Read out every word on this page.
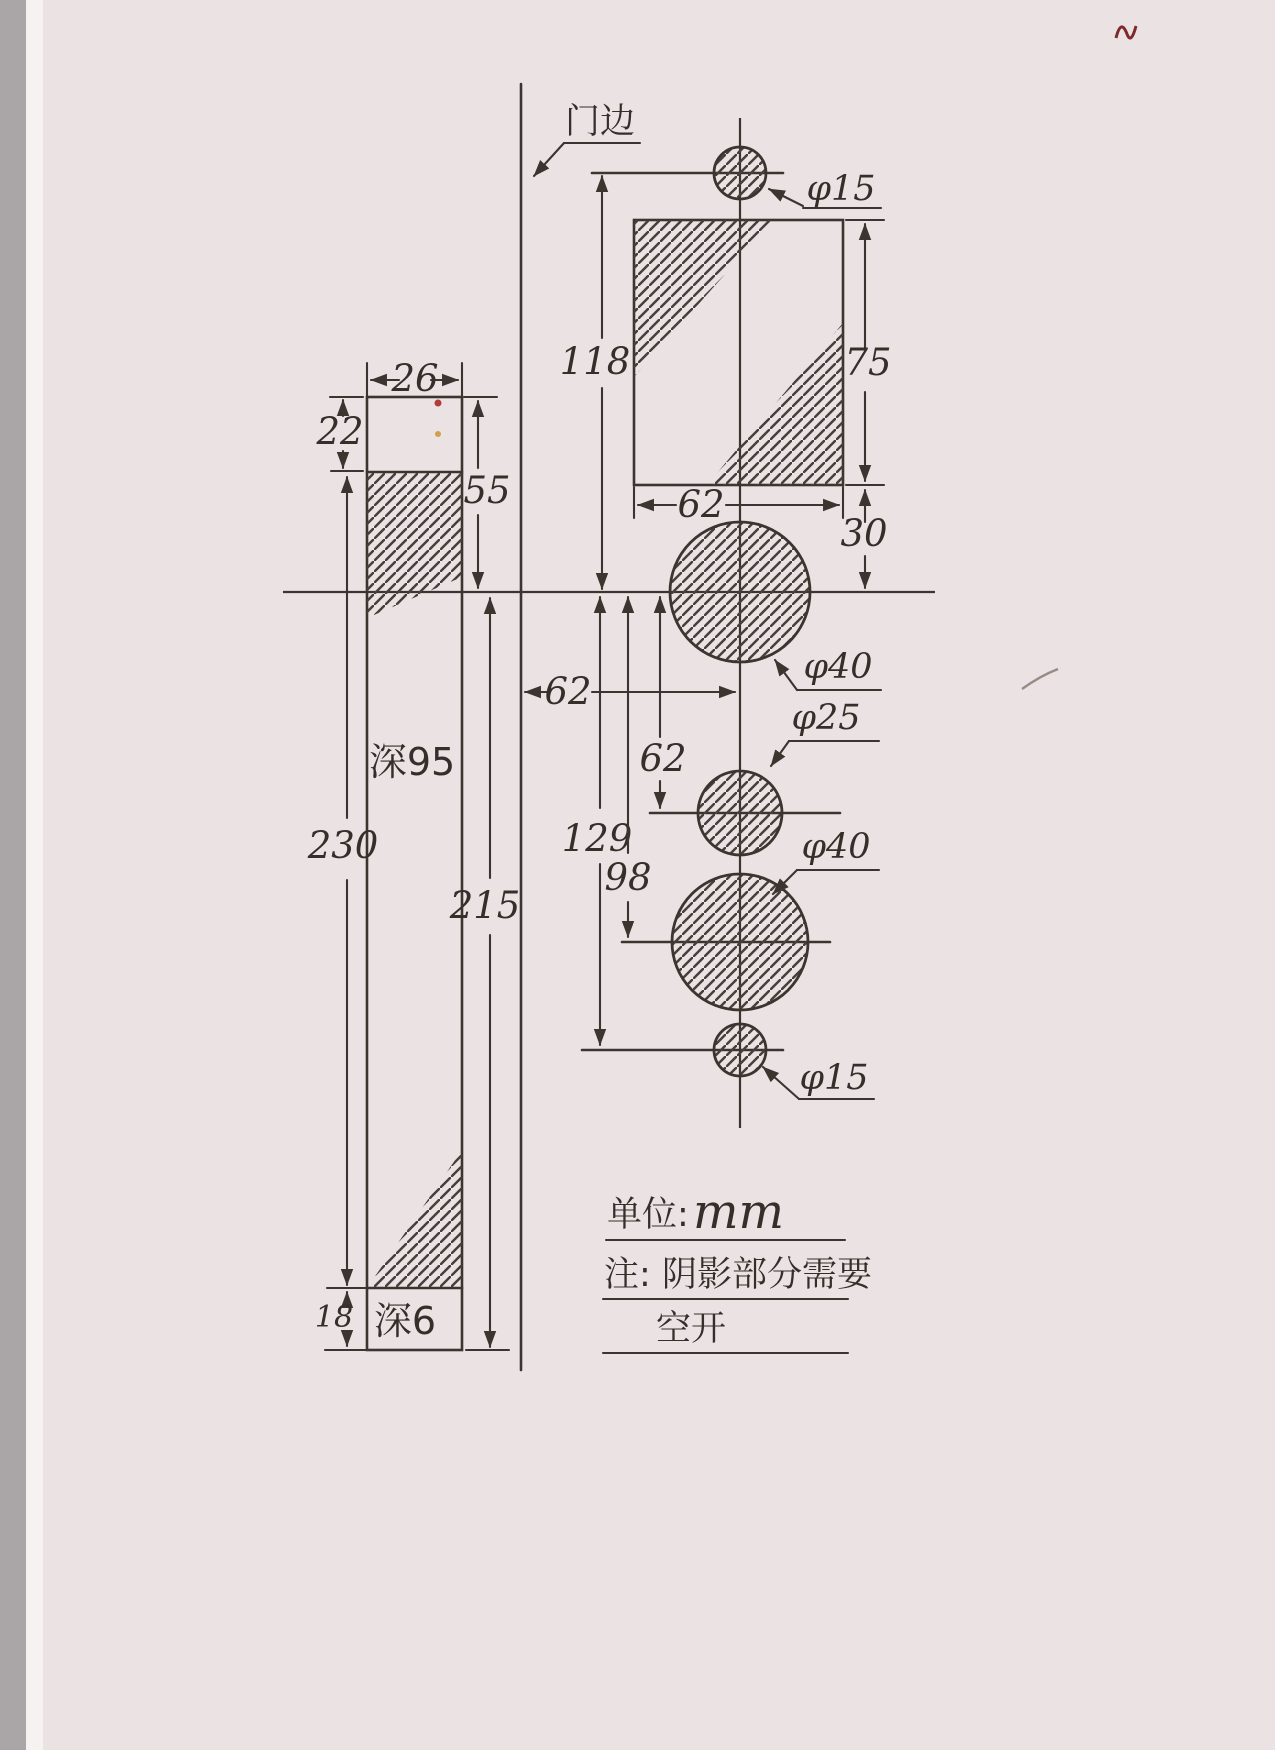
门边
118	75
30
62
62
62
129
98
φ15
φ40
φ25
φ40
φ15
深95
深6
26
22
55
215
230
18
单位: mm
注: 阴影部分需要
空开
